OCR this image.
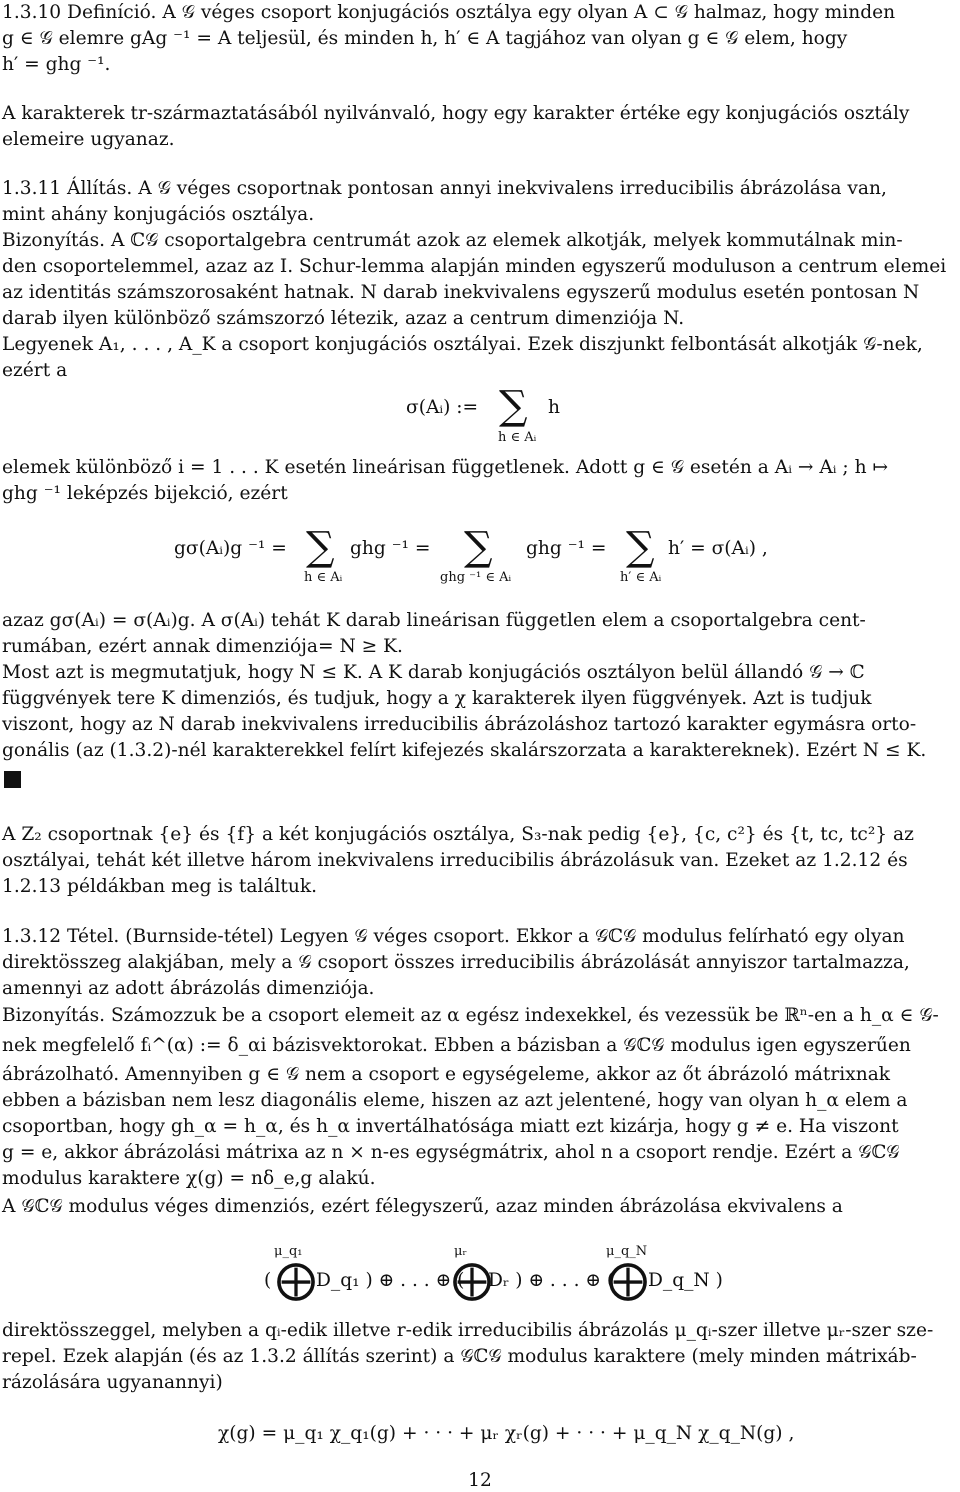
1.3.10 Definíció. A 𝒢 véges csoport konjugációs osztálya egy olyan A ⊂ 𝒢 halmaz, hogy minden
g ∈ 𝒢 elemre gAg ⁻¹ = A teljesül, és minden h, h′ ∈ A tagjához van olyan g ∈ 𝒢 elem, hogy
h′ = ghg ⁻¹.
A karakterek tr-származtatásából nyilvánvaló, hogy egy karakter értéke egy konjugációs osztály
elemeire ugyanaz.
1.3.11 Állítás. A 𝒢 véges csoportnak pontosan annyi inekvivalens irreducibilis ábrázolása van,
mint ahány konjugációs osztálya.
Bizonyítás. A ℂ𝒢 csoportalgebra centrumát azok az elemek alkotják, melyek kommutálnak min-
den csoportelemmel, azaz az I. Schur-lemma alapján minden egyszerű moduluson a centrum elemei
az identitás számszorosaként hatnak. N darab inekvivalens egyszerű modulus esetén pontosan N
darab ilyen különböző számszorzó létezik, azaz a centrum dimenziója N.
Legyenek A₁, . . . , A_K a csoport konjugációs osztályai. Ezek diszjunkt felbontását alkotják 𝒢-nek,
ezért a
σ(Aᵢ) := ∑
h ∈ Aᵢ
h
elemek különböző i = 1 . . . K esetén lineárisan függetlenek. Adott g ∈ 𝒢 esetén a Aᵢ → Aᵢ ; h ↦
ghg ⁻¹ leképzés bijekció, ezért
gσ(Aᵢ)g ⁻¹ = ∑
h ∈ Aᵢ
ghg ⁻¹ = ∑
ghg ⁻¹ ∈ Aᵢ
ghg ⁻¹ = ∑
h′ ∈ Aᵢ
h′ = σ(Aᵢ) ,
azaz gσ(Aᵢ) = σ(Aᵢ)g. A σ(Aᵢ) tehát K darab lineárisan független elem a csoportalgebra cent-
rumában, ezért annak dimenziója= N ≥ K.
Most azt is megmutatjuk, hogy N ≤ K. A K darab konjugációs osztályon belül állandó 𝒢 → ℂ
függvények tere K dimenziós, és tudjuk, hogy a χ karakterek ilyen függvények. Azt is tudjuk
viszont, hogy az N darab inekvivalens irreducibilis ábrázoláshoz tartozó karakter egymásra orto-
gonális (az (1.3.2)-nél karakterekkel felírt kifejezés skalárszorzata a karaktereknek). Ezért N ≤ K.
A Z₂ csoportnak {e} és {f} a két konjugációs osztálya, S₃-nak pedig {e}, {c, c²} és {t, tc, tc²} az
osztályai, tehát két illetve három inekvivalens irreducibilis ábrázolásuk van. Ezeket az 1.2.12 és
1.2.13 példákban meg is találtuk.
1.3.12 Tétel. (Burnside-tétel) Legyen 𝒢 véges csoport. Ekkor a 𝒢ℂ𝒢 modulus felírható egy olyan
direktösszeg alakjában, mely a 𝒢 csoport összes irreducibilis ábrázolását annyiszor tartalmazza,
amennyi az adott ábrázolás dimenziója.
Bizonyítás. Számozzuk be a csoport elemeit az α egész indexekkel, és vezessük be ℝⁿ-en a h_α ∈ 𝒢-
nek megfelelő fᵢ^(α) := δ_αi bázisvektorokat. Ebben a bázisban a 𝒢ℂ𝒢 modulus igen egyszerűen
ábrázolható. Amennyiben g ∈ 𝒢 nem a csoport e egységeleme, akkor az őt ábrázoló mátrixnak
ebben a bázisban nem lesz diagonális eleme, hiszen az azt jelentené, hogy van olyan h_α elem a
csoportban, hogy gh_α = h_α, és h_α invertálhatósága miatt ezt kizárja, hogy g ≠ e. Ha viszont
g = e, akkor ábrázolási mátrixa az n × n-es egységmátrix, ahol n a csoport rendje. Ezért a 𝒢ℂ𝒢
modulus karaktere χ(g) = nδ_e,g alakú.
A 𝒢ℂ𝒢 modulus véges dimenziós, ezért félegyszerű, azaz minden ábrázolása ekvivalens a
μ_q₁
( ⨁ D_q₁ ) ⊕ . . . ⊕ (
μᵣ
⨁
Dᵣ ) ⊕ . . . ⊕ (
μ_q_N
⨁ D_q_N )
direktösszeggel, melyben a qᵢ-edik illetve r-edik irreducibilis ábrázolás μ_qᵢ-szer illetve μᵣ-szer sze-
repel. Ezek alapján (és az 1.3.2 állítás szerint) a 𝒢ℂ𝒢 modulus karaktere (mely minden mátrixáb-
rázolására ugyanannyi)
χ(g) = μ_q₁ χ_q₁(g) + · · · + μᵣ χᵣ(g) + · · · + μ_q_N χ_q_N(g) ,
12
